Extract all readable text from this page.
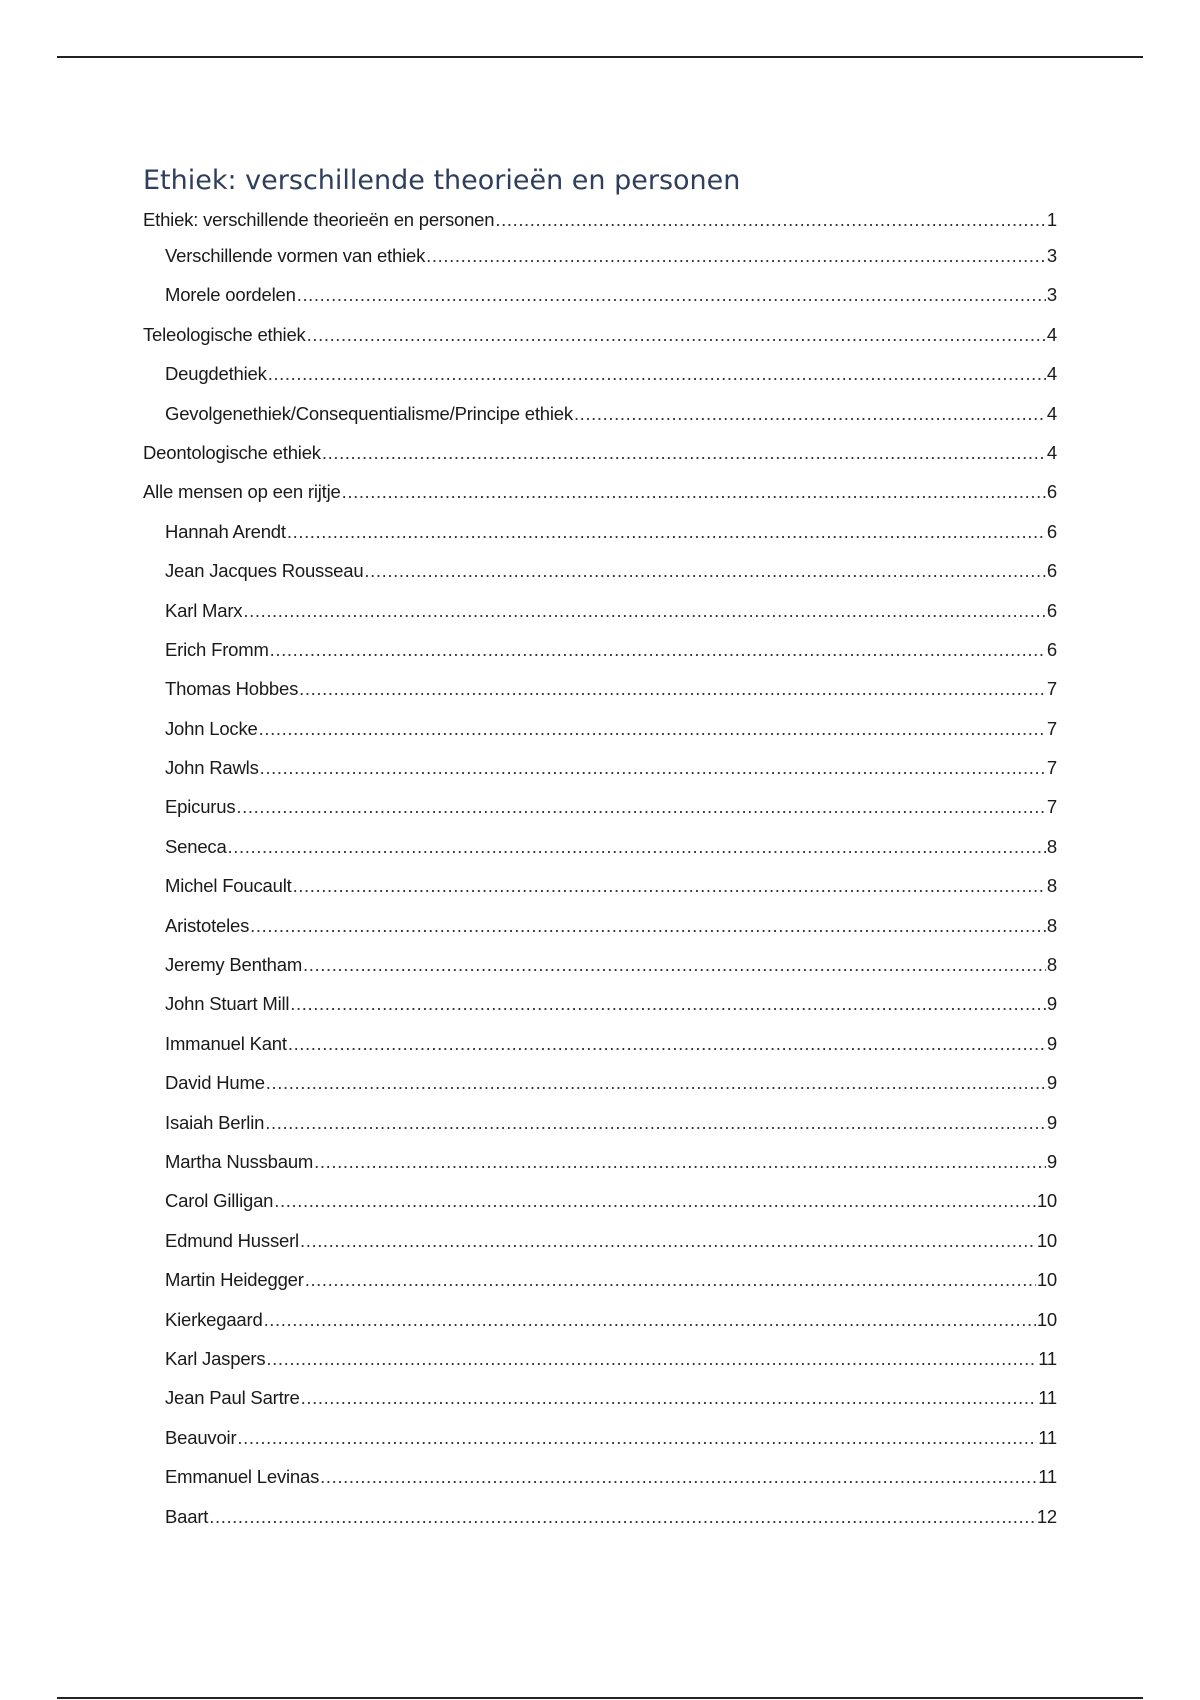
Ethiek: verschillende theorieën en personen
Ethiek: verschillende theorieën en personen .....	1
Verschillende vormen van ethiek .....	3
Morele oordelen .....	3
Teleologische ethiek .....	4
Deugdethiek .....	4
Gevolgenethiek/Consequentialisme/Principe ethiek .....	4
Deontologische ethiek .....	4
Alle mensen op een rijtje .....	6
Hannah Arendt .....	6
Jean Jacques Rousseau .....	6
Karl Marx .....	6
Erich Fromm .....	6
Thomas Hobbes .....	7
John Locke .....	7
John Rawls .....	7
Epicurus .....	7
Seneca .....	8
Michel Foucault .....	8
Aristoteles .....	8
Jeremy Bentham .....	8
John Stuart Mill .....	9
Immanuel Kant .....	9
David Hume .....	9
Isaiah Berlin .....	9
Martha Nussbaum .....	9
Carol Gilligan .....	10
Edmund Husserl .....	10
Martin Heidegger .....	10
Kierkegaard .....	10
Karl Jaspers .....	11
Jean Paul Sartre .....	11
Beauvoir .....	11
Emmanuel Levinas .....	11
Baart .....	12
